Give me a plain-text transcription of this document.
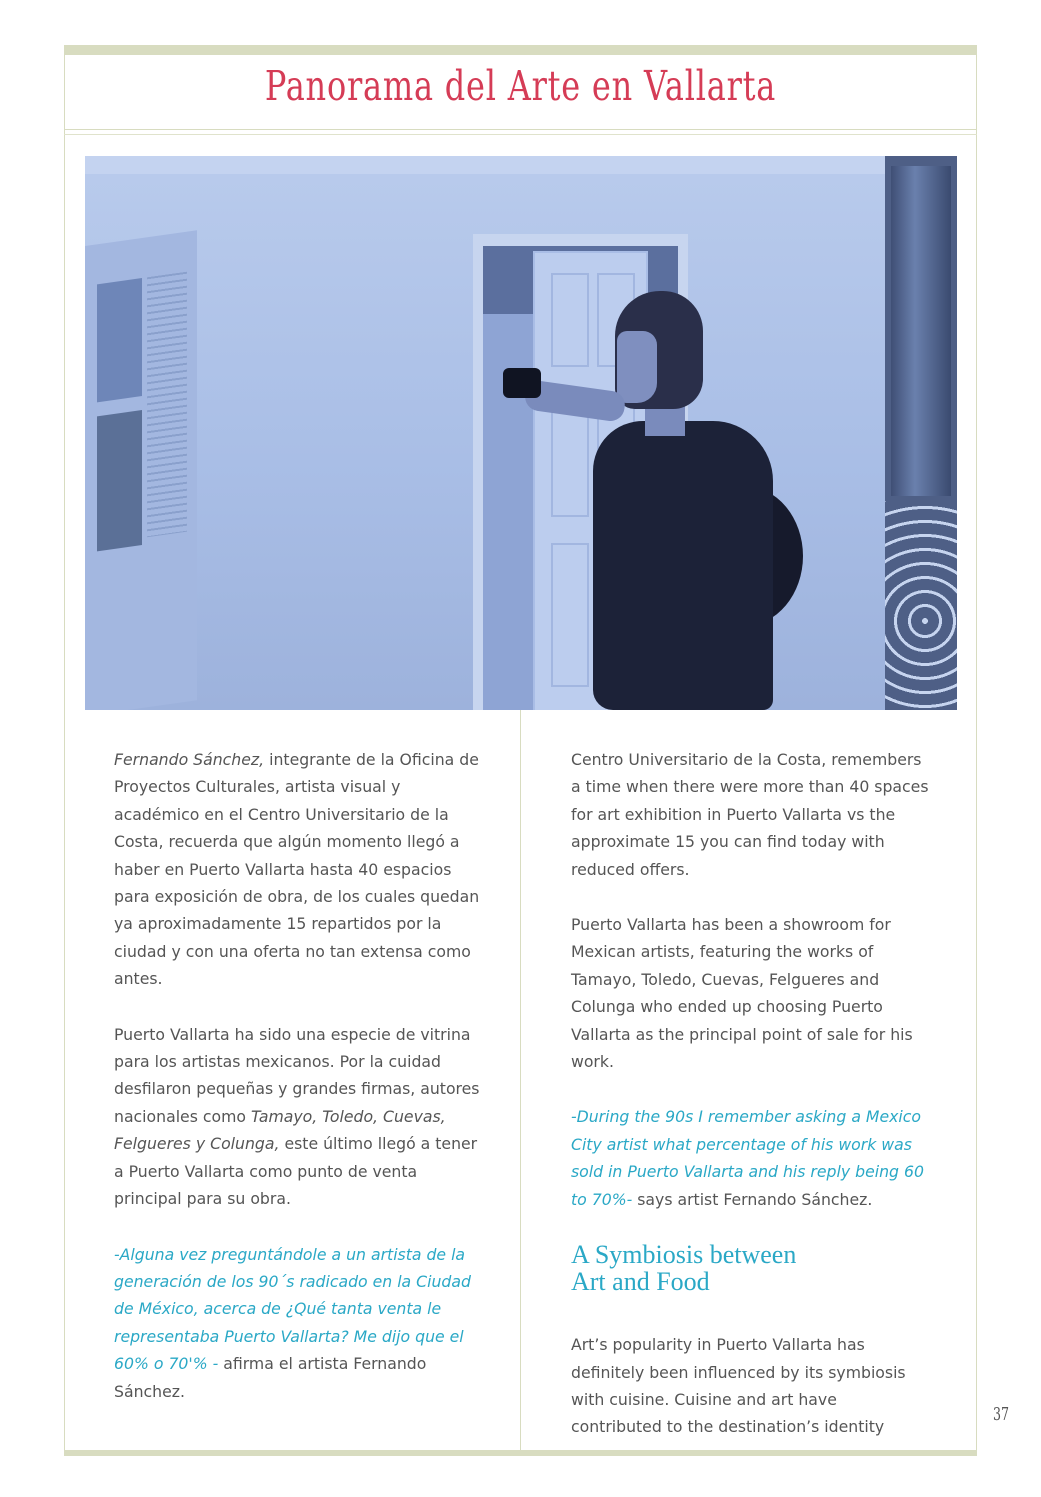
Panorama del Arte en Vallarta

Fernando Sánchez, integrante de la Oficina de Proyectos Culturales, artista visual y académico en el Centro Universitario de la Costa, recuerda que algún momento llegó a haber en Puerto Vallarta hasta 40 espacios para exposición de obra, de los cuales quedan ya aproximadamente 15 repartidos por la ciudad y con una oferta no tan extensa como antes.

Puerto Vallarta ha sido una especie de vitrina para los artistas mexicanos. Por la cuidad desfilaron pequeñas y grandes firmas, autores nacionales como Tamayo, Toledo, Cuevas, Felgueres y Colunga, este último llegó a tener a Puerto Vallarta como punto de venta principal para su obra.

-Alguna vez preguntándole a un artista de la generación de los 90´s radicado en la Ciudad de México, acerca de ¿Qué tanta venta le representaba Puerto Vallarta? Me dijo que el 60% o 70'% - afirma el artista Fernando Sánchez.

Centro Universitario de la Costa, remembers a time when there were more than 40 spaces for art exhibition in Puerto Vallarta vs the approximate 15 you can find today with reduced offers.

Puerto Vallarta has been a showroom for Mexican artists, featuring the works of Tamayo, Toledo, Cuevas, Felgueres and Colunga who ended up choosing Puerto Vallarta as the principal point of sale for his work.

-During the 90s I remember asking a Mexico City artist what percentage of his work was sold in Puerto Vallarta and his reply being 60 to 70%- says artist Fernando Sánchez.

A Symbiosis between
Art and Food

Art’s popularity in Puerto Vallarta has definitely been influenced by its symbiosis with cuisine. Cuisine and art have contributed to the destination’s identity

37
